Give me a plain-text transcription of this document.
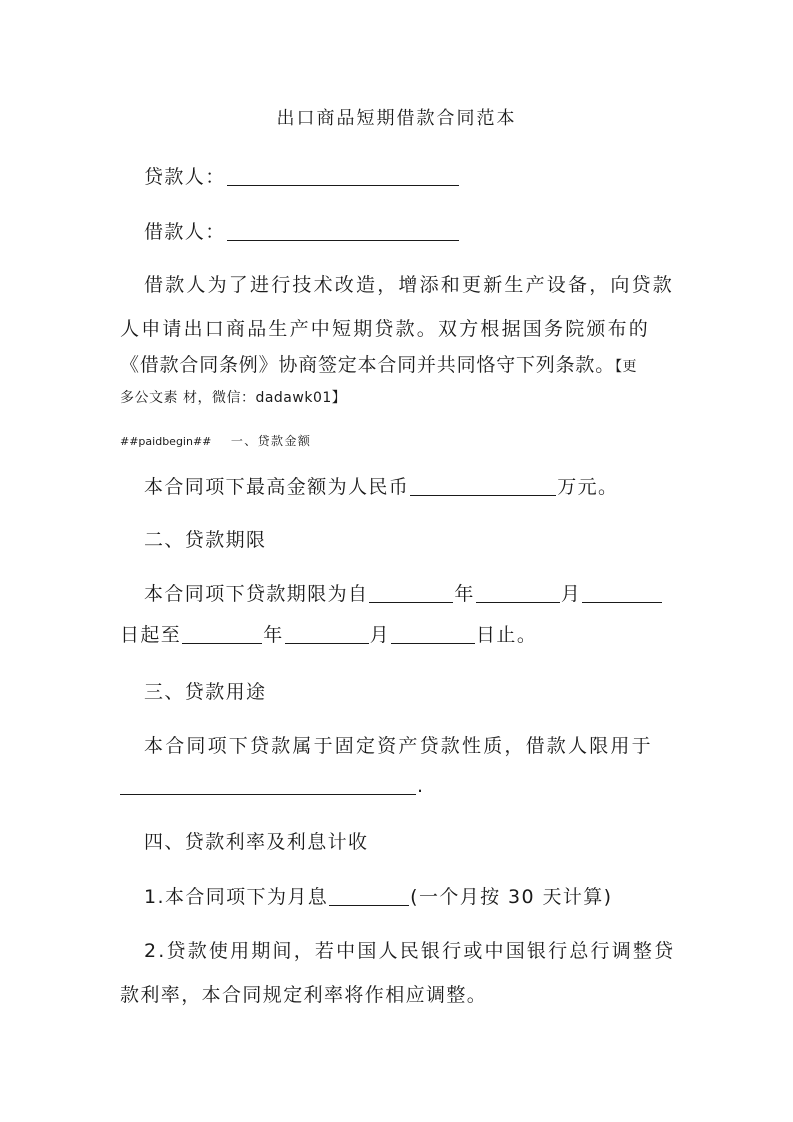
出口商品短期借款合同范本
贷款人：
借款人：
借款人为了进行技术改造，增添和更新生产设备，向贷款
人申请出口商品生产中短期贷款。双方根据国务院颁布的
《借款合同条例》协商签定本合同并共同恪守下列条款。【更
多公文素 材，微信：dadawk01】
##paidbegin## 一、贷款金额
本合同项下最高金额为人民币	万元。
二、贷款期限
本合同项下贷款期限为自	年	月
日起至	年	月	日止。
三、贷款用途
本合同项下贷款属于固定资产贷款性质，借款人限用于
.
四、贷款利率及利息计收
1.本合同项下为月息	(一个月按 30 天计算)
2.贷款使用期间，若中国人民银行或中国银行总行调整贷
款利率，本合同规定利率将作相应调整。
